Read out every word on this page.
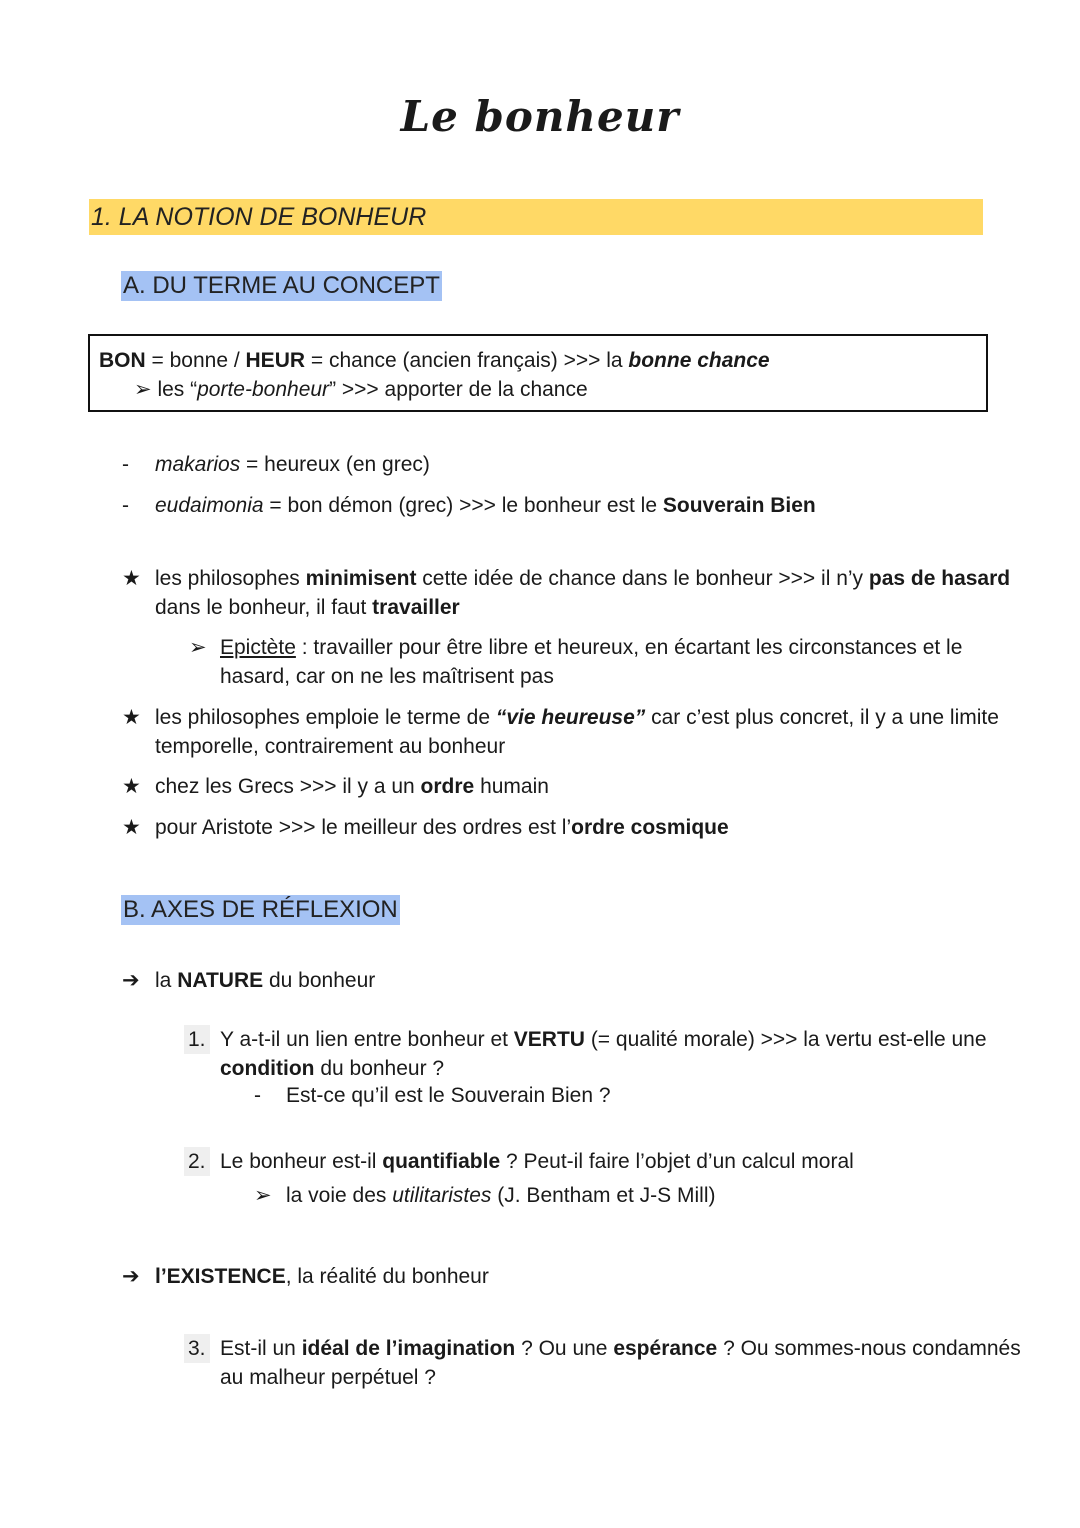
Le bonheur
1. LA NOTION DE BONHEUR
A. DU TERME AU CONCEPT
BON = bonne / HEUR = chance (ancien français) >>> la bonne chance
➢ les “porte-bonheur” >>> apporter de la chance
- makarios = heureux (en grec)
- eudaimonia = bon démon (grec) >>> le bonheur est le Souverain Bien
★ les philosophes minimisent cette idée de chance dans le bonheur >>> il n’y pas de hasard
dans le bonheur, il faut travailler
➢ Epictète : travailler pour être libre et heureux, en écartant les circonstances et le
hasard, car on ne les maîtrisent pas
★ les philosophes emploie le terme de “vie heureuse” car c’est plus concret, il y a une limite
temporelle, contrairement au bonheur
★ chez les Grecs >>> il y a un ordre humain
★ pour Aristote >>> le meilleur des ordres est l’ordre cosmique
B. AXES DE RÉFLEXION
➔ la NATURE du bonheur
1. Y a-t-il un lien entre bonheur et VERTU (= qualité morale) >>> la vertu est-elle une
condition du bonheur ?
- Est-ce qu’il est le Souverain Bien ?
2. Le bonheur est-il quantifiable ? Peut-il faire l’objet d’un calcul moral
➢ la voie des utilitaristes (J. Bentham et J-S Mill)
➔ l’EXISTENCE, la réalité du bonheur
3. Est-il un idéal de l’imagination ? Ou une espérance ? Ou sommes-nous condamnés
au malheur perpétuel ?
